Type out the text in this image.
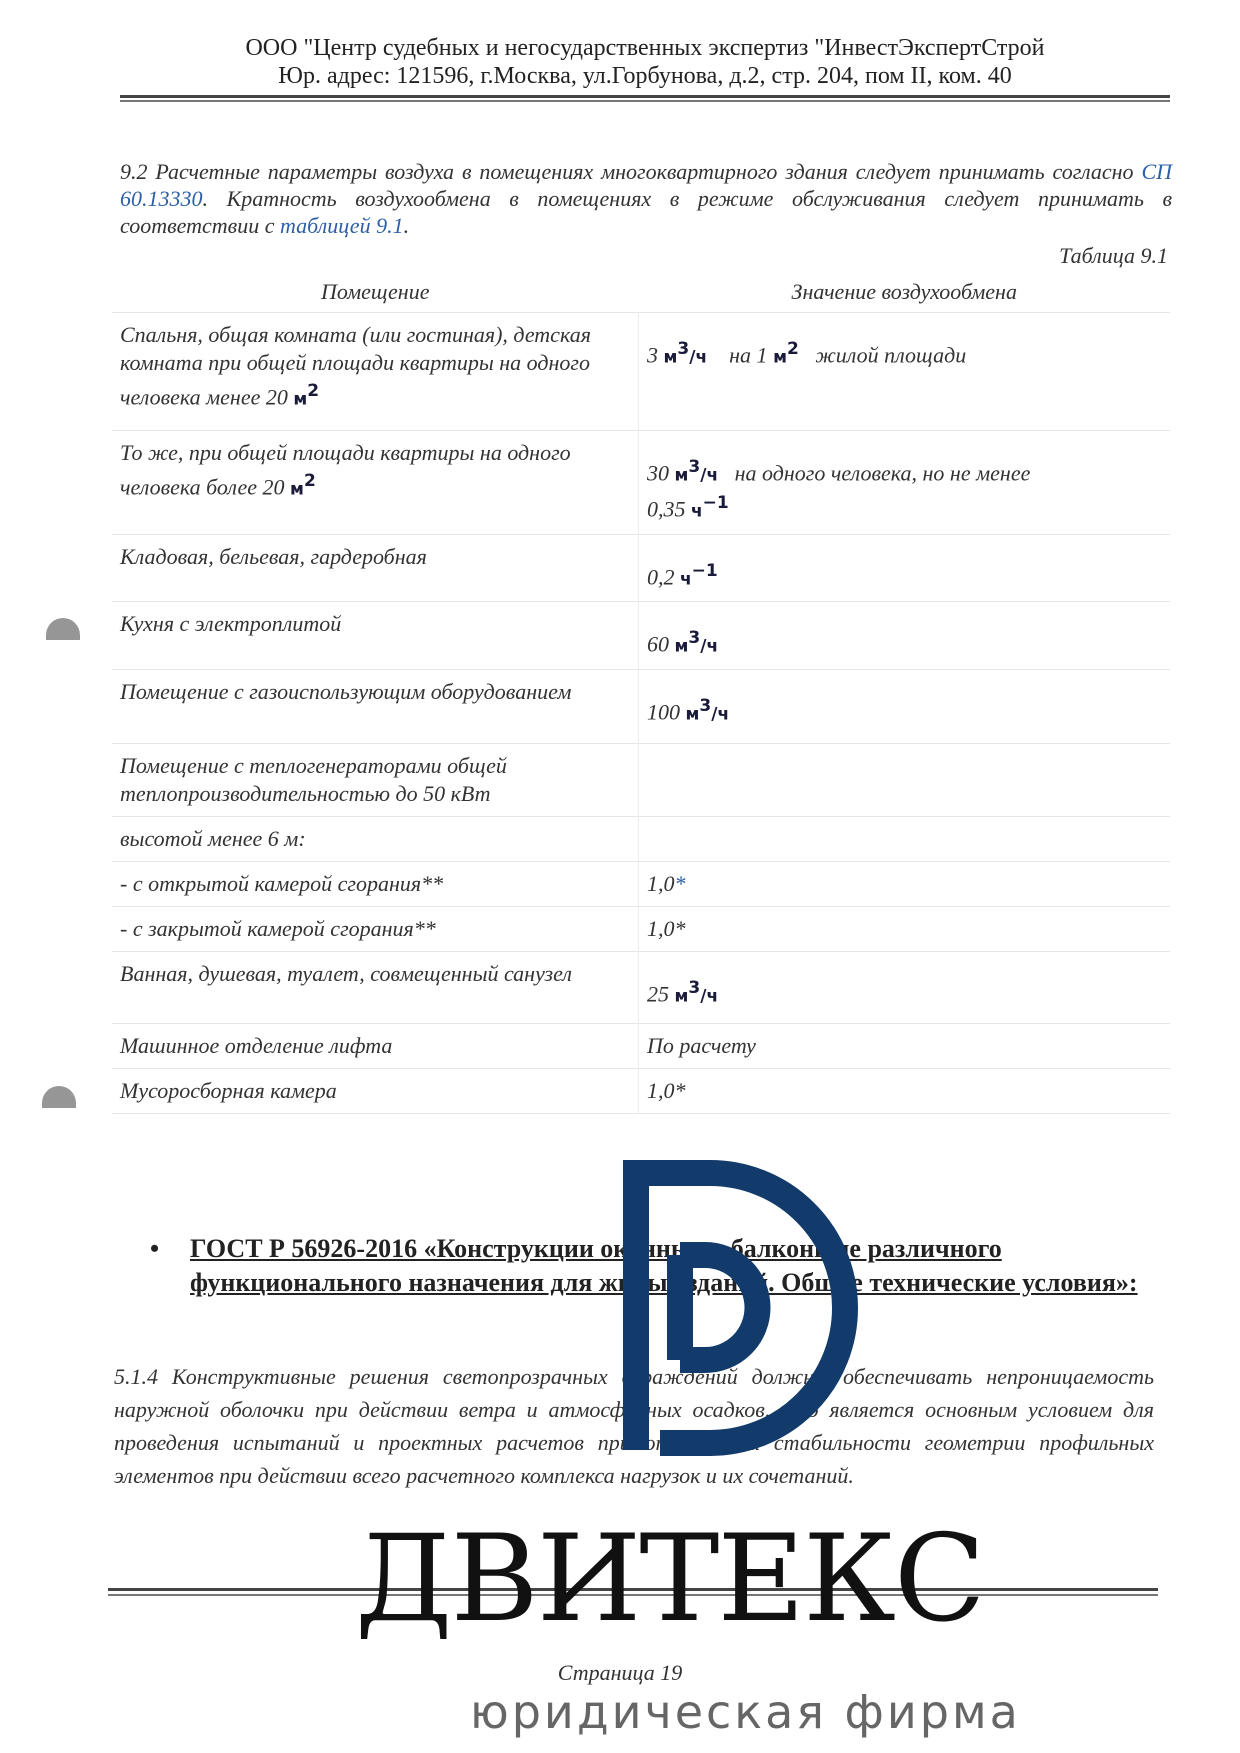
ООО "Центр судебных и негосударственных экспертиз "ИнвестЭкспертСтрой
Юр. адрес: 121596, г.Москва, ул.Горбунова, д.2, стр. 204, пом II, ком. 40
9.2 Расчетные параметры воздуха в помещениях многоквартирного здания следует принимать согласно СП 60.13330. Кратность воздухообмена в помещениях в режиме обслуживания следует принимать в соответствии с таблицей 9.1.
Таблица 9.1
Помещение	Значение воздухообмена
Спальня, общая комната (или гостиная), детская комната при общей площади квартиры на одного человека менее 20 $м^2$	3 $м^3/ч$ на 1 $м^2$ жилой площади
То же, при общей площади квартиры на одного человека более 20 $м^2$	30 $м^3/ч$ на одного человека, но не менее
0,35 $ч^{-1}$
Кладовая, бельевая, гардеробная	0,2 $ч^{-1}$
Кухня с электроплитой	60 $м^3/ч$
Помещение с газоиспользующим оборудованием	100 $м^3/ч$
Помещение с теплогенераторами общей теплопроизводительностью до 50 кВт	
высотой менее 6 м:	
- с открытой камерой сгорания**	1,0*
- с закрытой камерой сгорания**	1,0*
Ванная, душевая, туалет, совмещенный санузел	25 $м^3/ч$
Машинное отделение лифта	По расчету
Мусоросборная камера	1,0*
• ГОСТ Р 56926-2016 «Конструкции оконные и балконные различного функционального назначения для жилых зданий. Общие технические условия»:
5.1.4 Конструктивные решения светопрозрачных ограждений должны обеспечивать непроницаемость наружной оболочки при действии ветра и атмосферных осадков, что является основным условием для проведения испытаний и проектных расчетов при определении стабильности геометрии профильных элементов при действии всего расчетного комплекса нагрузок и их сочетаний.
ДВИТЕКС
Страница 19
юридическая фирма
